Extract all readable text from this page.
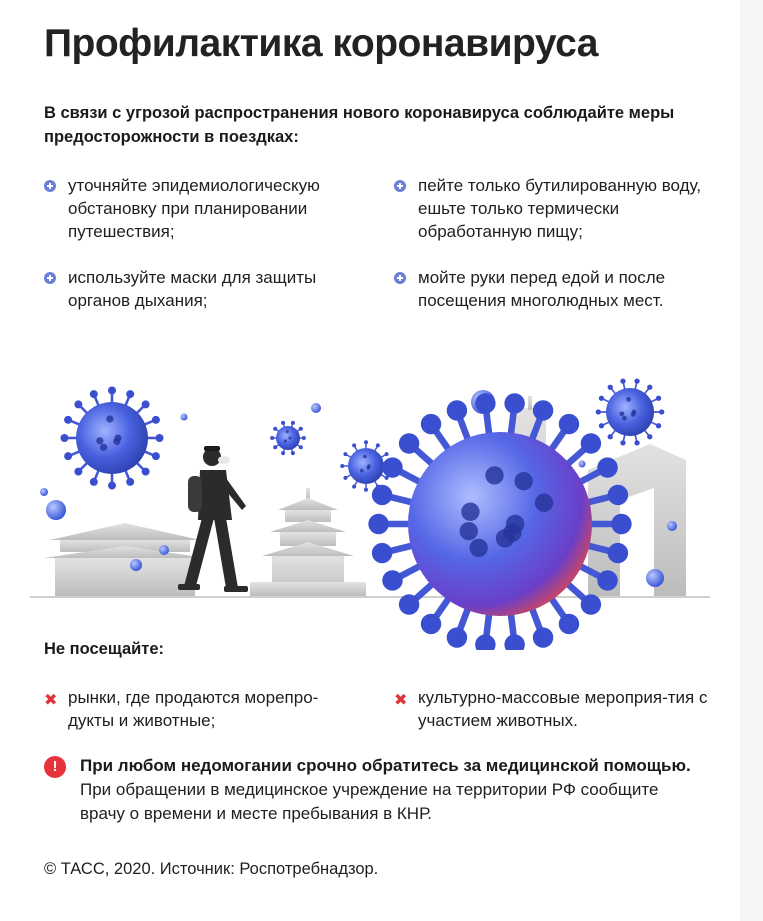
Профилактика коронавируса
В связи с угрозой распространения нового коронавируса соблюдайте меры предосторожности в поездках:
уточняйте эпидемиологическую обстановку при планировании путешествия;
пейте только бутилированную воду, ешьте только термически обработанную пищу;
используйте маски для защиты органов дыхания;
мойте руки перед едой и после посещения многолюдных мест.
Не посещайте:
✖ рынки, где продаются морепро-дукты и животные;
✖ культурно-массовые мероприя-тия с участием животных.
!	При любом недомогании срочно обратитесь за медицинской помощью.
При обращении в медицинское учреждение на территории РФ сообщите врачу о времени и месте пребывания в КНР.
© ТАСС, 2020. Источник: Роспотребнадзор.
